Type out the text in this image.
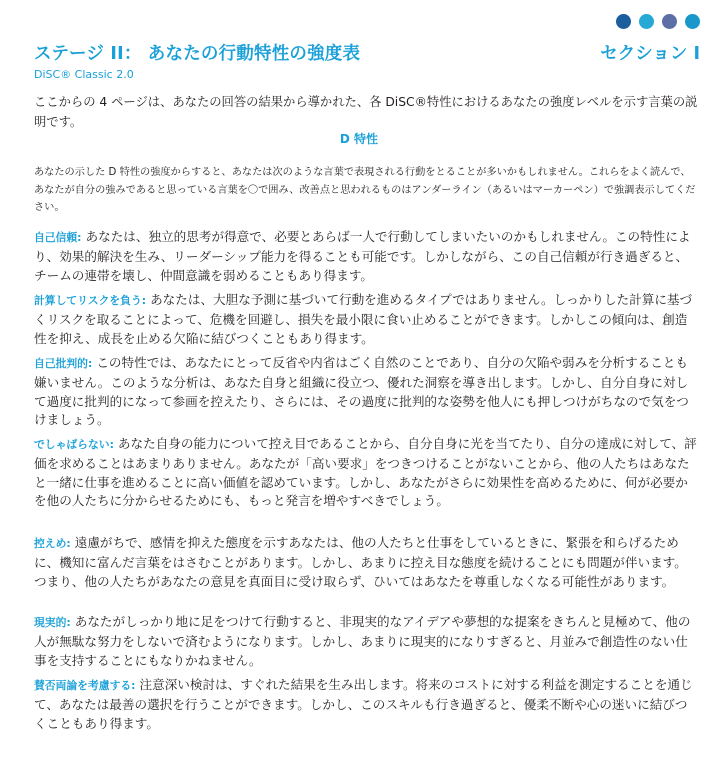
ステージ II： あなたの行動特性の強度表	セクション I
DiSC® Classic 2.0
ここからの 4 ページは、あなたの回答の結果から導かれた、各 DiSC®特性におけるあなたの強度レベルを示す言葉の説明です。
D 特性
あなたの示した D 特性の強度からすると、あなたは次のような言葉で表現される行動をとることが多いかもしれません。これらをよく読んで、あなたが自分の強みであると思っている言葉を〇で囲み、改善点と思われるものはアンダーライン（あるいはマーカーペン）で強調表示してください。
自己信頼: あなたは、独立的思考が得意で、必要とあらば一人で行動してしまいたいのかもしれません。この特性により、効果的解決を生み、リーダーシップ能力を得ることも可能です。しかしながら、この自己信頼が行き過ぎると、チームの連帯を壊し、仲間意識を弱めることもあり得ます。
計算してリスクを負う: あなたは、大胆な予測に基づいて行動を進めるタイプではありません。しっかりした計算に基づくリスクを取ることによって、危機を回避し、損失を最小限に食い止めることができます。しかしこの傾向は、創造性を抑え、成長を止める欠陥に結びつくこともあり得ます。
自己批判的: この特性では、あなたにとって反省や内省はごく自然のことであり、自分の欠陥や弱みを分析することも嫌いません。このような分析は、あなた自身と組織に役立つ、優れた洞察を導き出します。しかし、自分自身に対して過度に批判的になって参画を控えたり、さらには、その過度に批判的な姿勢を他人にも押しつけがちなので気をつけましょう。
でしゃばらない: あなた自身の能力について控え目であることから、自分自身に光を当てたり、自分の達成に対して、評価を求めることはあまりありません。あなたが「高い要求」をつきつけることがないことから、他の人たちはあなたと一緒に仕事を進めることに高い価値を認めています。しかし、あなたがさらに効果性を高めるために、何が必要かを他の人たちに分からせるためにも、もっと発言を増やすべきでしょう。
控えめ: 遠慮がちで、感情を抑えた態度を示すあなたは、他の人たちと仕事をしているときに、緊張を和らげるために、機知に富んだ言葉をはさむことがあります。しかし、あまりに控え目な態度を続けることにも問題が伴います。つまり、他の人たちがあなたの意見を真面目に受け取らず、ひいてはあなたを尊重しなくなる可能性があります。
現実的: あなたがしっかり地に足をつけて行動すると、非現実的なアイデアや夢想的な提案をきちんと見極めて、他の人が無駄な努力をしないで済むようになります。しかし、あまりに現実的になりすぎると、月並みで創造性のない仕事を支持することにもなりかねません。
賛否両論を考慮する: 注意深い検討は、すぐれた結果を生み出します。将来のコストに対する利益を測定することを通じて、あなたは最善の選択を行うことができます。しかし、このスキルも行き過ぎると、優柔不断や心の迷いに結びつくこともあり得ます。
